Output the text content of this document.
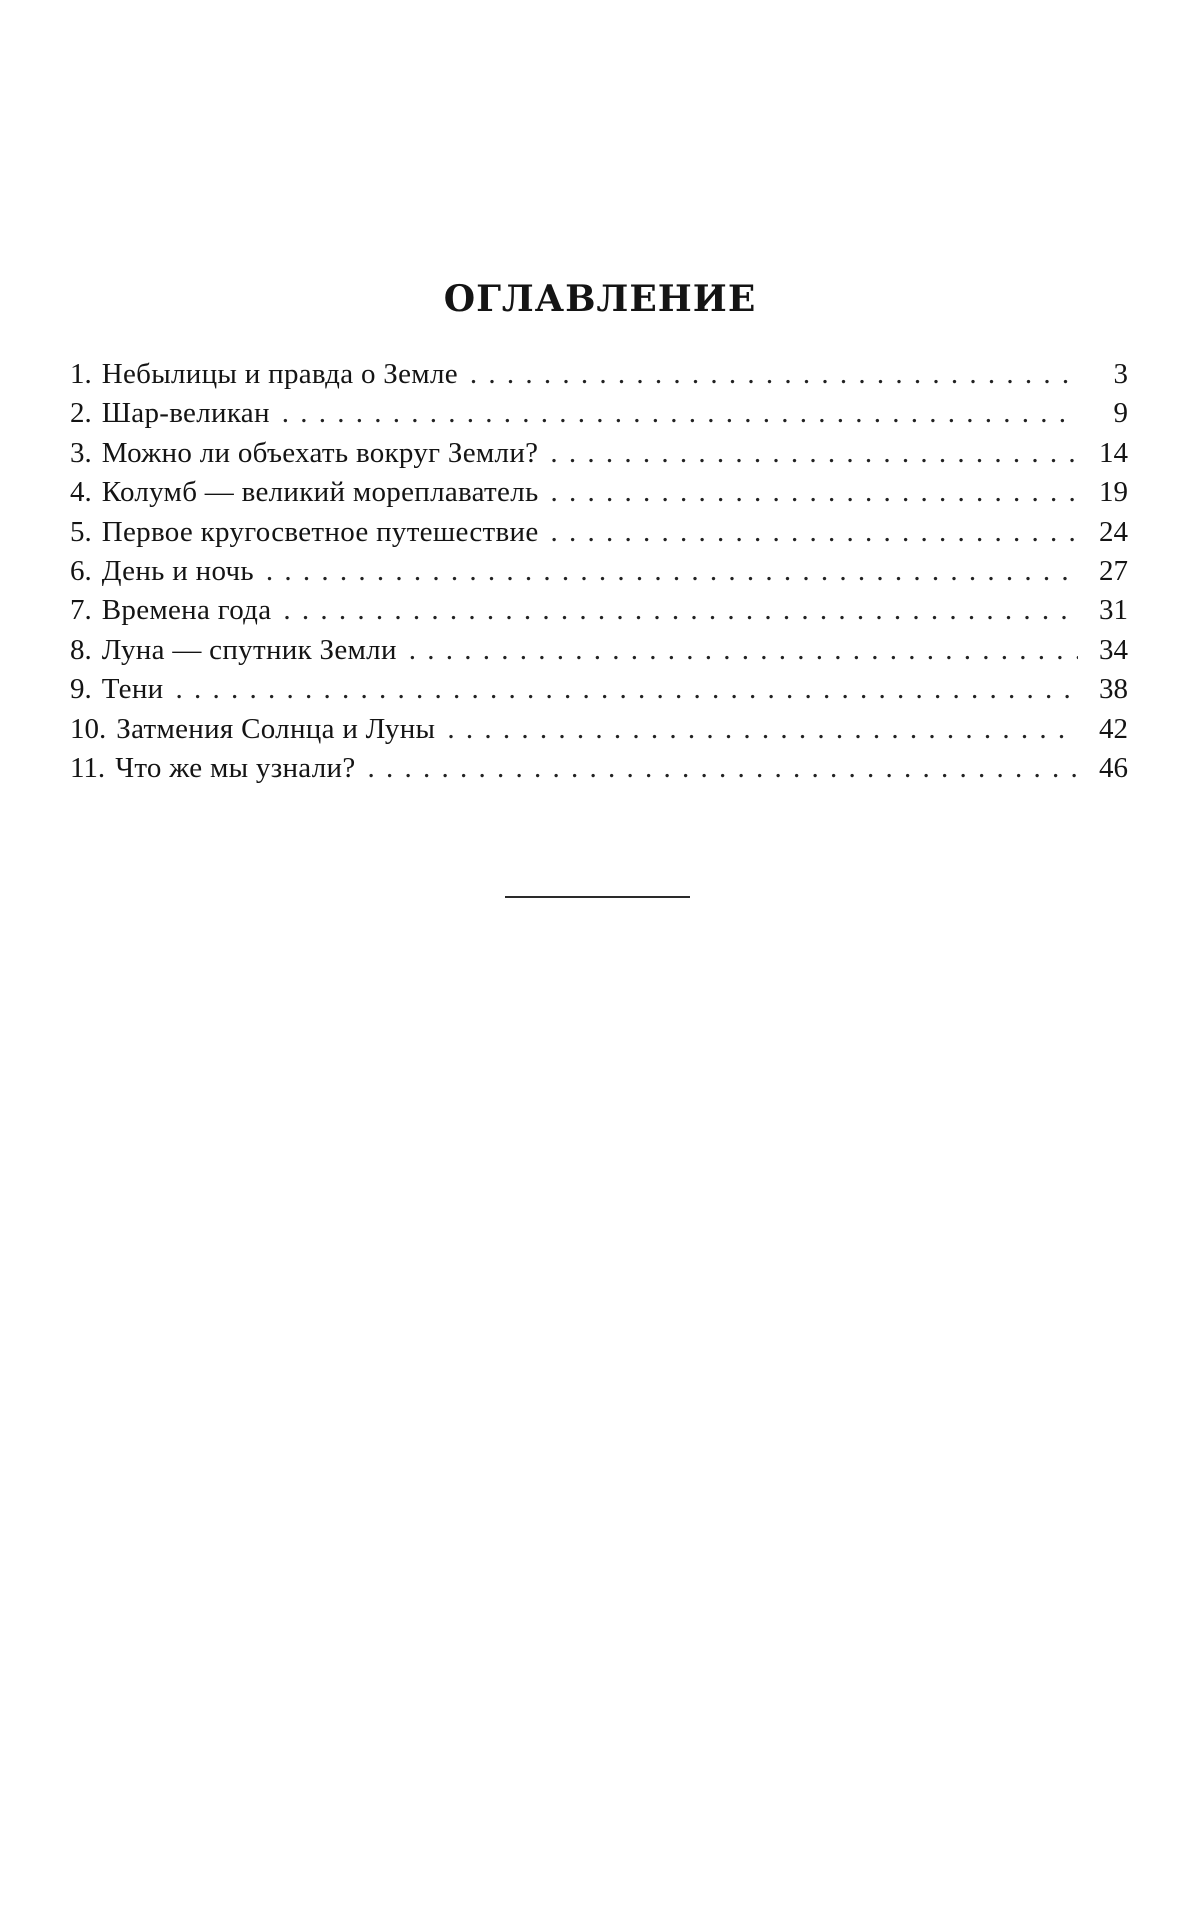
ОГЛАВЛЕНИЕ
1. Небылицы и правда о Земле . . .	3
2. Шар-великан . . .	9
3. Можно ли объехать вокруг Земли? . . .	14
4. Колумб — великий мореплаватель . . .	19
5. Первое кругосветное путешествие . . .	24
6. День и ночь . . .	27
7. Времена года . . .	31
8. Луна — спутник Земли . . .	34
9. Тени . . .	38
10. Затмения Солнца и Луны . . .	42
11. Что же мы узнали? . . .	46
